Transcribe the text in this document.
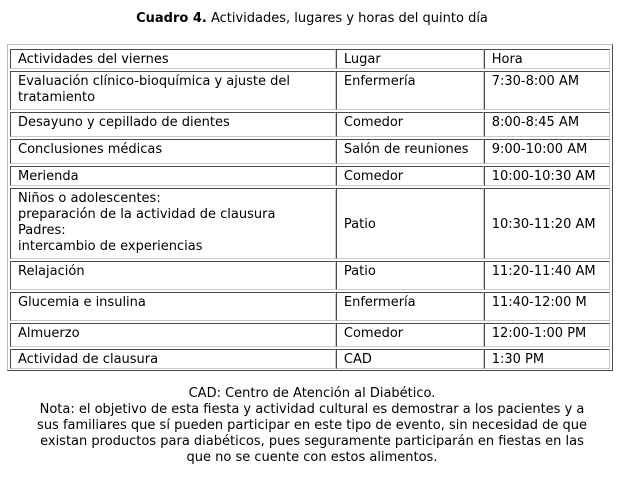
Cuadro 4. Actividades, lugares y horas del quinto día
Actividades del viernes	Lugar	Hora
Evaluación clínico-bioquímica y ajuste del tratamiento	Enfermería	7:30-8:00 AM
Desayuno y cepillado de dientes	Comedor	8:00-8:45 AM
Conclusiones médicas	Salón de reuniones	9:00-10:00 AM
Merienda	Comedor	10:00-10:30 AM

Niños o adolescentes:
preparación de la actividad de clausura
Padres:
intercambio de experiencias	Patio	10:30-11:20 AM
Relajación	Patio	11:20-11:40 AM
Glucemia e insulina	Enfermería	11:40-12:00 M
Almuerzo	Comedor	12:00-1:00 PM
Actividad de clausura	CAD	1:30 PM
CAD: Centro de Atención al Diabético.
Nota: el objetivo de esta fiesta y actividad cultural es demostrar a los pacientes y a
sus familiares que sí pueden participar en este tipo de evento, sin necesidad de que
existan productos para diabéticos, pues seguramente participarán en fiestas en las
que no se cuente con estos alimentos.
